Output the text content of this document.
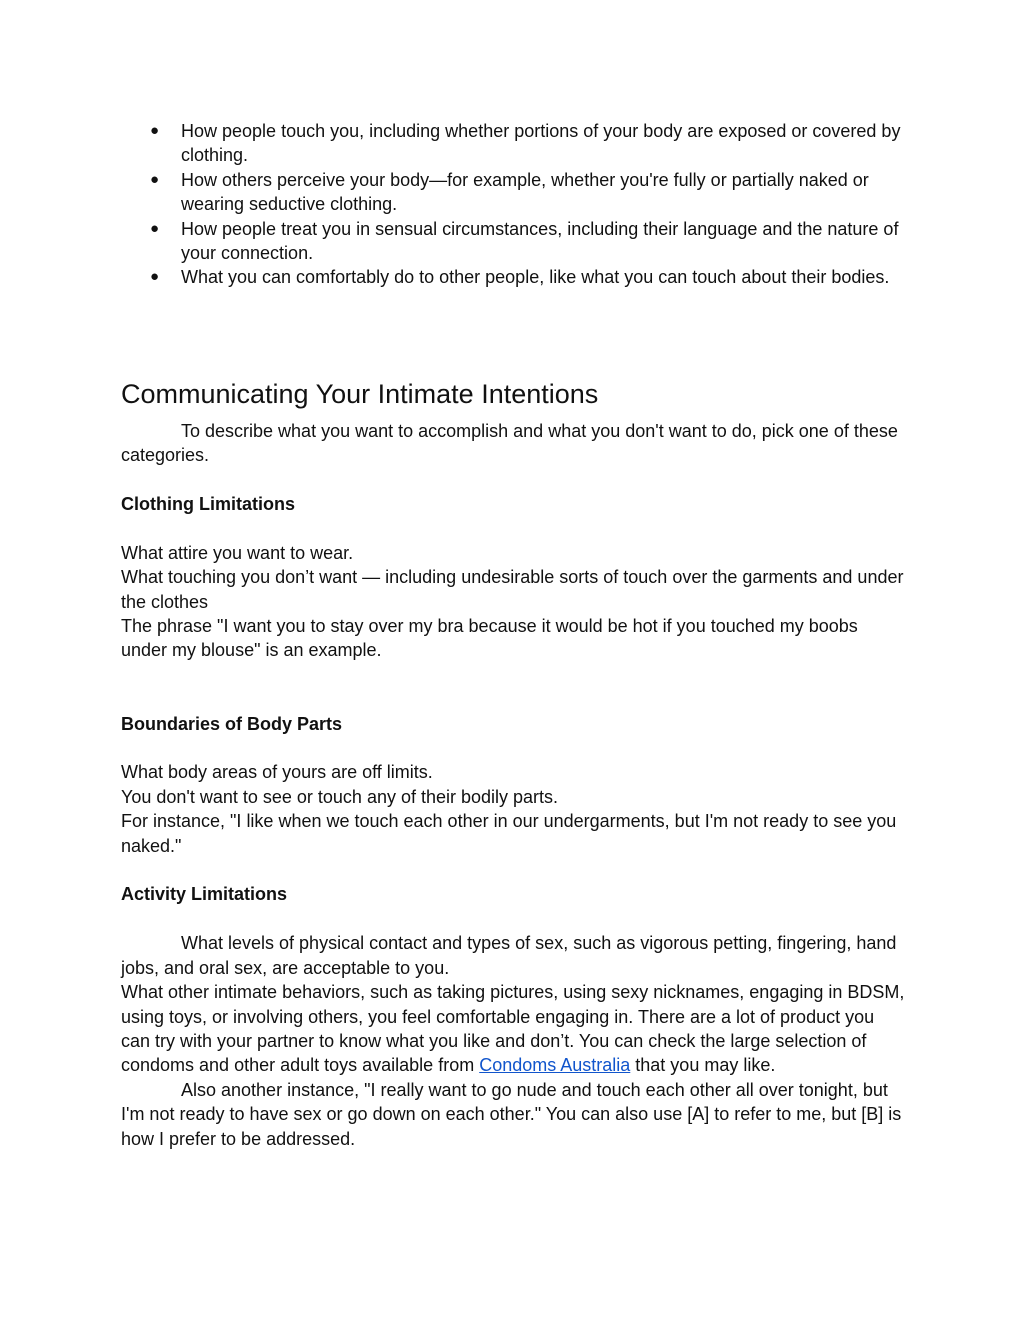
● How people touch you, including whether portions of your body are exposed or covered by clothing.
● How others perceive your body—for example, whether you're fully or partially naked or wearing seductive clothing.
● How people treat you in sensual circumstances, including their language and the nature of your connection.
● What you can comfortably do to other people, like what you can touch about their bodies.
Communicating Your Intimate Intentions

To describe what you want to accomplish and what you don't want to do, pick one of these categories.

Clothing Limitations

What attire you want to wear.

What touching you don’t want — including undesirable sorts of touch over the garments and under the clothes

The phrase "I want you to stay over my bra because it would be hot if you touched my boobs under my blouse" is an example.

Boundaries of Body Parts

What body areas of yours are off limits.

You don't want to see or touch any of their bodily parts.

For instance, "I like when we touch each other in our undergarments, but I'm not ready to see you naked."

Activity Limitations

What levels of physical contact and types of sex, such as vigorous petting, fingering, hand jobs, and oral sex, are acceptable to you.

What other intimate behaviors, such as taking pictures, using sexy nicknames, engaging in BDSM, using toys, or involving others, you feel comfortable engaging in. There are a lot of product you can try with your partner to know what you like and don’t. You can check the large selection of condoms and other adult toys available from Condoms Australia that you may like.

Also another instance, "I really want to go nude and touch each other all over tonight, but I'm not ready to have sex or go down on each other." You can also use [A] to refer to me, but [B] is how I prefer to be addressed.
